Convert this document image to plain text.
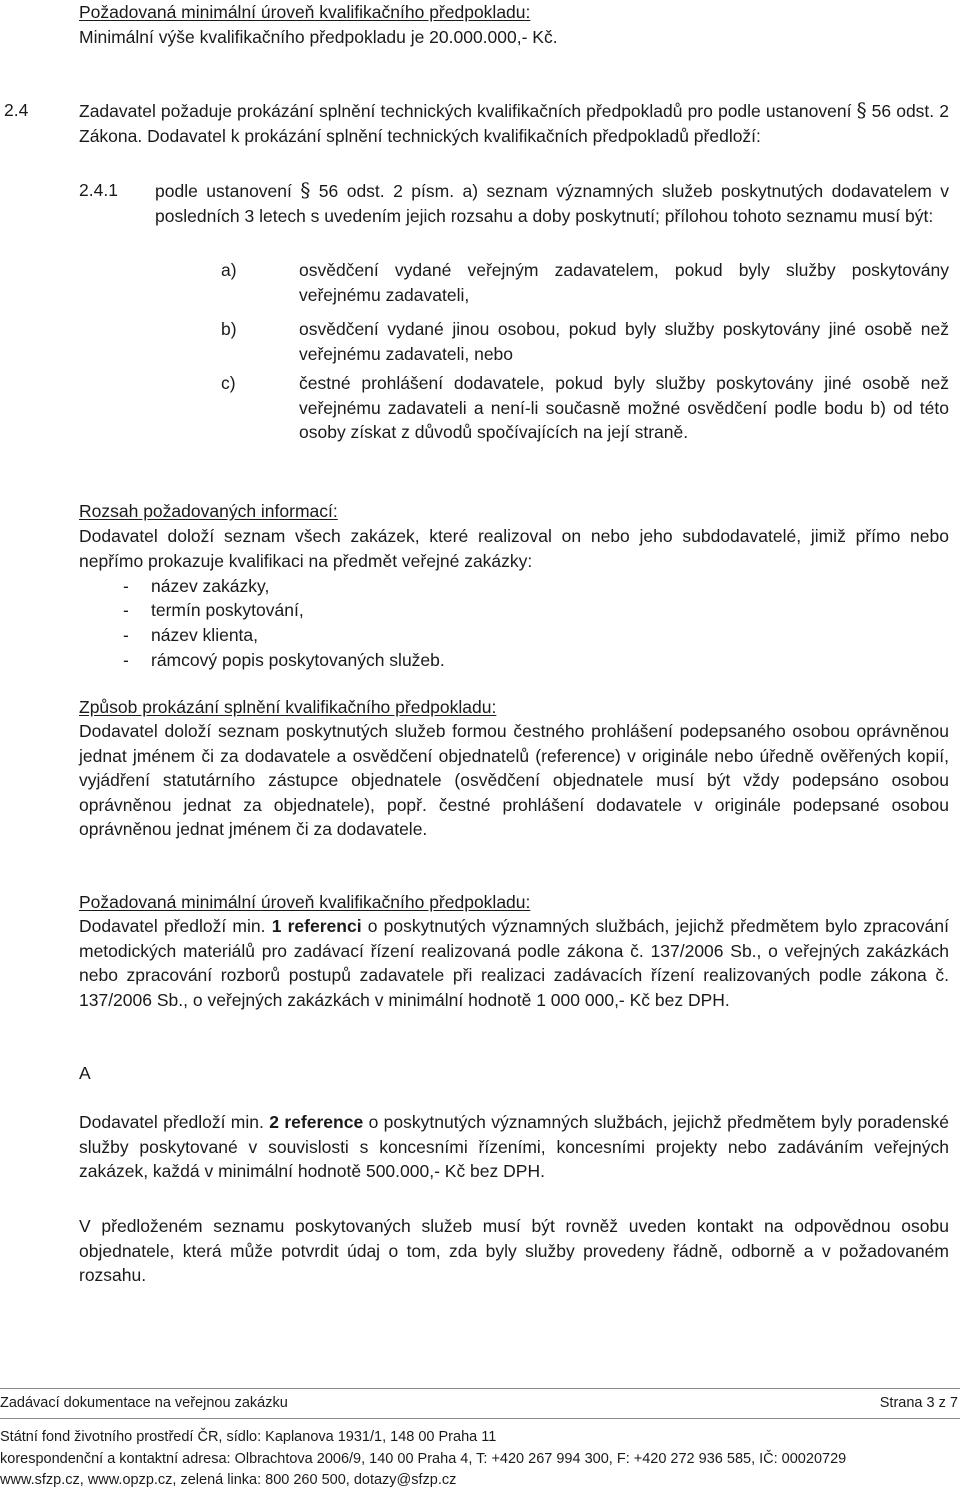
Požadovaná minimální úroveň kvalifikačního předpokladu:
Minimální výše kvalifikačního předpokladu je 20.000.000,- Kč.
2.4	Zadavatel požaduje prokázání splnění technických kvalifikačních předpokladů pro podle ustanovení § 56 odst. 2 Zákona. Dodavatel k prokázání splnění technických kvalifikačních předpokladů předloží:
2.4.1 podle ustanovení § 56 odst. 2 písm. a) seznam významných služeb poskytnutých dodavatelem v posledních 3 letech s uvedením jejich rozsahu a doby poskytnutí; přílohou tohoto seznamu musí být:
a)	osvědčení vydané veřejným zadavatelem, pokud byly služby poskytovány veřejnému zadavateli,
b)	osvědčení vydané jinou osobou, pokud byly služby poskytovány jiné osobě než veřejnému zadavateli, nebo
c)	čestné prohlášení dodavatele, pokud byly služby poskytovány jiné osobě než veřejnému zadavateli a není-li současně možné osvědčení podle bodu b) od této osoby získat z důvodů spočívajících na její straně.
Rozsah požadovaných informací:
Dodavatel doloží seznam všech zakázek, které realizoval on nebo jeho subdodavatelé, jimiž přímo nebo nepřímo prokazuje kvalifikaci na předmět veřejné zakázky:
- název zakázky,
- termín poskytování,
- název klienta,
- rámcový popis poskytovaných služeb.
Způsob prokázání splnění kvalifikačního předpokladu:
Dodavatel doloží seznam poskytnutých služeb formou čestného prohlášení podepsaného osobou oprávněnou jednat jménem či za dodavatele a osvědčení objednatelů (reference) v originále nebo úředně ověřených kopií, vyjádření statutárního zástupce objednatele (osvědčení objednatele musí být vždy podepsáno osobou oprávněnou jednat za objednatele), popř. čestné prohlášení dodavatele v originále podepsané osobou oprávněnou jednat jménem či za dodavatele.
Požadovaná minimální úroveň kvalifikačního předpokladu:
Dodavatel předloží min. 1 referenci o poskytnutých významných službách, jejichž předmětem bylo zpracování metodických materiálů pro zadávací řízení realizovaná podle zákona č. 137/2006 Sb., o veřejných zakázkách nebo zpracování rozborů postupů zadavatele při realizaci zadávacích řízení realizovaných podle zákona č. 137/2006 Sb., o veřejných zakázkách v minimální hodnotě 1 000 000,- Kč bez DPH.
A
Dodavatel předloží min. 2 reference o poskytnutých významných službách, jejichž předmětem byly poradenské služby poskytované v souvislosti s koncesními řízeními, koncesními projekty nebo zadáváním veřejných zakázek, každá v minimální hodnotě 500.000,- Kč bez DPH.
V předloženém seznamu poskytovaných služeb musí být rovněž uveden kontakt na odpovědnou osobu objednatele, která může potvrdit údaj o tom, zda byly služby provedeny řádně, odborně a v požadovaném rozsahu.
Zadávací dokumentace na veřejnou zakázku	Strana 3 z 7
Státní fond životního prostředí ČR, sídlo: Kaplanova 1931/1, 148 00 Praha 11
korespondenční a kontaktní adresa: Olbrachtova 2006/9, 140 00 Praha 4, T: +420 267 994 300, F: +420 272 936 585, IČ: 00020729
www.sfzp.cz, www.opzp.cz, zelená linka: 800 260 500, dotazy@sfzp.cz
